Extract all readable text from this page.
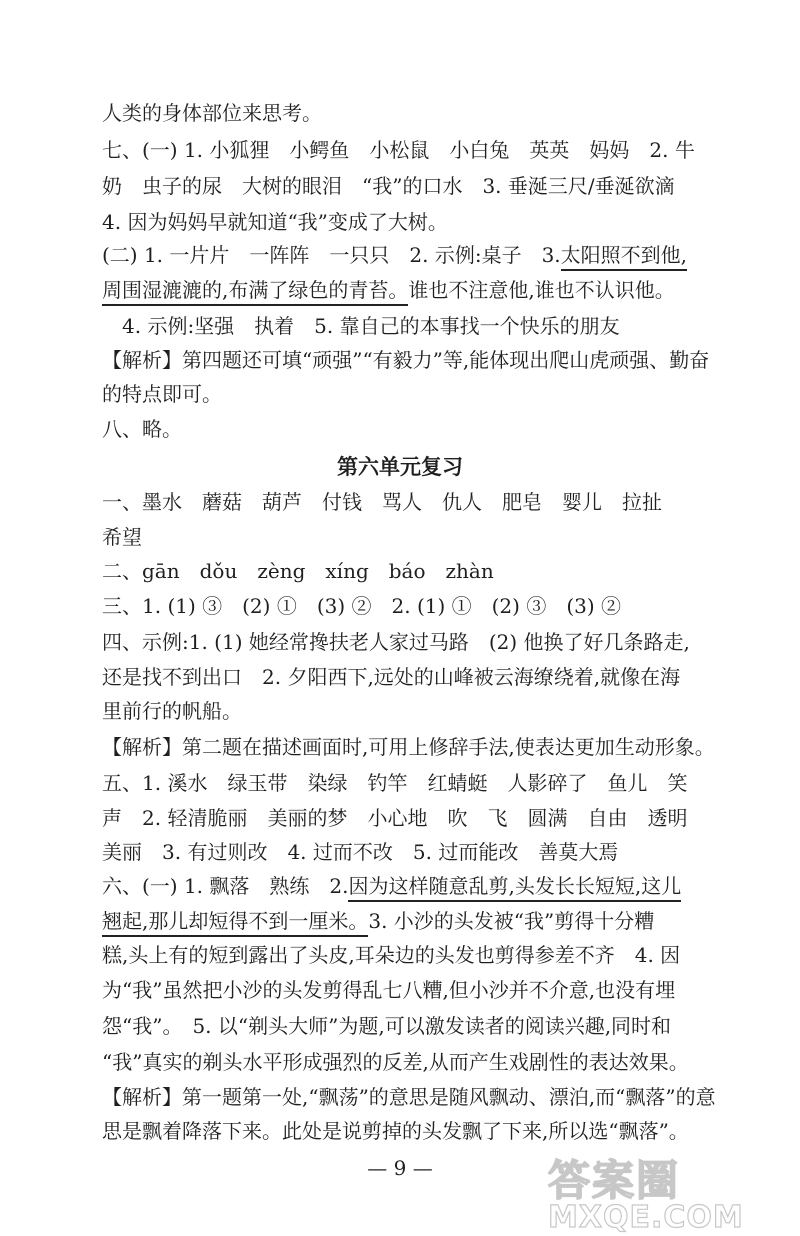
人类的身体部位来思考。
七、(一) 1. 小狐狸　小鳄鱼　小松鼠　小白兔　英英　妈妈　2. 牛
奶　虫子的尿　大树的眼泪　“我”的口水　3. 垂涎三尺/垂涎欲滴
4. 因为妈妈早就知道“我”变成了大树。
(二) 1. 一片片　一阵阵　一只只　2. 示例:桌子　3.太阳照不到他,
周围湿漉漉的,布满了绿色的青苔。谁也不注意他,谁也不认识他。
　4. 示例:坚强　执着　5. 靠自己的本事找一个快乐的朋友
【解析】第四题还可填“顽强”“有毅力”等,能体现出爬山虎顽强、勤奋
的特点即可。
八、略。
第六单元复习
一、墨水　蘑菇　葫芦　付钱　骂人　仇人　肥皂　婴儿　拉扯
希望
二、gān　dǒu　zèng　xíng　báo　zhàn
三、1. (1) ③　(2) ①　(3) ②　2. (1) ①　(2) ③　(3) ②
四、示例:1. (1) 她经常搀扶老人家过马路　(2) 他换了好几条路走,
还是找不到出口　2. 夕阳西下,远处的山峰被云海缭绕着,就像在海
里前行的帆船。
【解析】第二题在描述画面时,可用上修辞手法,使表达更加生动形象。
五、1. 溪水　绿玉带　染绿　钓竿　红蜻蜓　人影碎了　鱼儿　笑
声　2. 轻清脆丽　美丽的梦　小心地　吹　飞　圆满　自由　透明
美丽　3. 有过则改　4. 过而不改　5. 过而能改　善莫大焉
六、(一) 1. 飘落　熟练　2.因为这样随意乱剪,头发长长短短,这儿
翘起,那儿却短得不到一厘米。3. 小沙的头发被“我”剪得十分糟
糕,头上有的短到露出了头皮,耳朵边的头发也剪得参差不齐　4. 因
为“我”虽然把小沙的头发剪得乱七八糟,但小沙并不介意,也没有埋
怨“我”。　5. 以“剃头大师”为题,可以激发读者的阅读兴趣,同时和
“我”真实的剃头水平形成强烈的反差,从而产生戏剧性的表达效果。
【解析】第一题第一处,“飘荡”的意思是随风飘动、漂泊,而“飘落”的意
思是飘着降落下来。此处是说剪掉的头发飘了下来,所以选“飘落”。
— 9 —	答案圈
MXQE.COM
